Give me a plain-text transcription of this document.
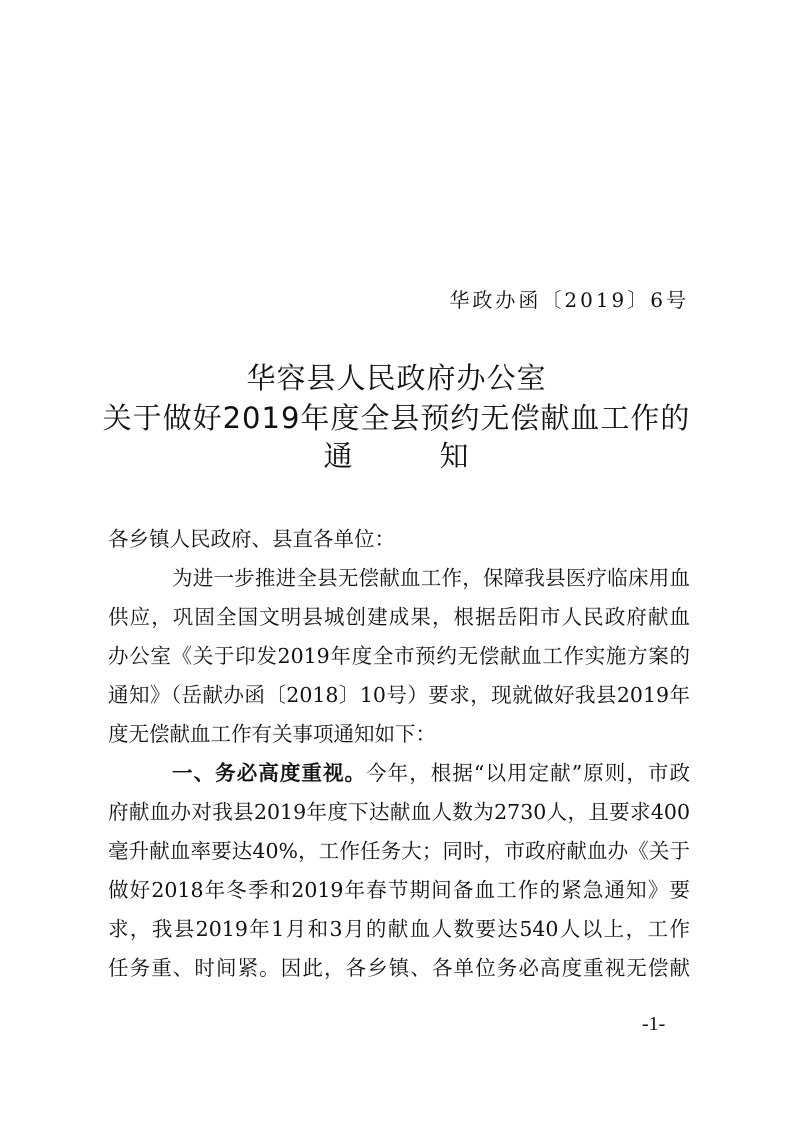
华政办函〔2019〕6号
华容县人民政府办公室
关于做好2019年度全县预约无偿献血工作的
通	知
各乡镇人民政府、县直各单位：
为进一步推进全县无偿献血工作，保障我县医疗临床用血
供应，巩固全国文明县城创建成果，根据岳阳市人民政府献血
办公室《关于印发2019年度全市预约无偿献血工作实施方案的
通知》（岳献办函〔2018〕10号）要求，现就做好我县2019年
度无偿献血工作有关事项通知如下：
一、务必高度重视。今年，根据“以用定献”原则，市政
府献血办对我县2019年度下达献血人数为2730人，且要求400
毫升献血率要达40%，工作任务大；同时，市政府献血办《关于
做好2018年冬季和2019年春节期间备血工作的紧急通知》要
求，我县2019年1月和3月的献血人数要达540人以上，工作
任务重、时间紧。因此，各乡镇、各单位务必高度重视无偿献
-1-
